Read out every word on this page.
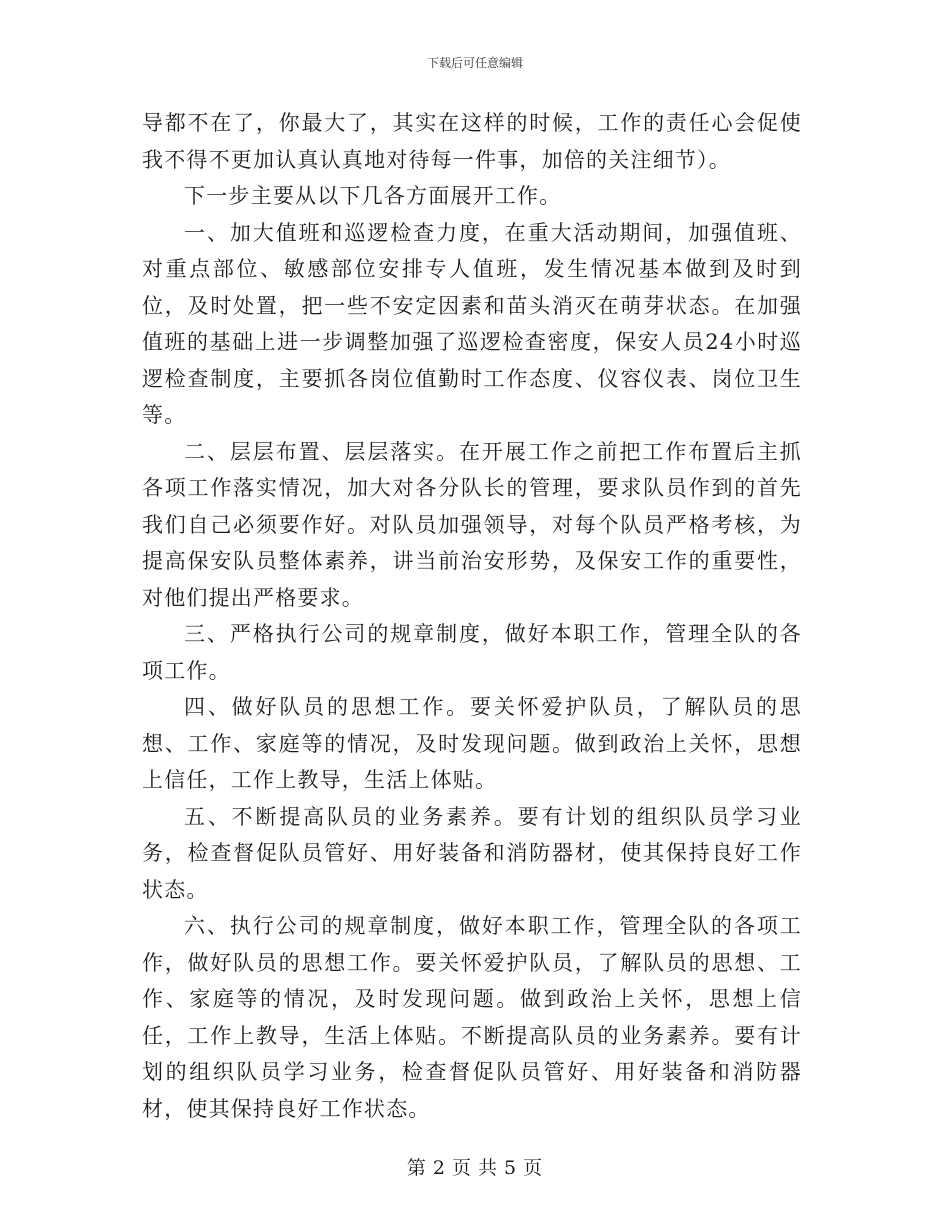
下载后可任意编辑

导都不在了，你最大了，其实在这样的时候，工作的责任心会促使我不得不更加认真认真地对待每一件事，加倍的关注细节）。

下一步主要从以下几各方面展开工作。

一、加大值班和巡逻检查力度，在重大活动期间，加强值班、对重点部位、敏感部位安排专人值班，发生情况基本做到及时到位，及时处置，把一些不安定因素和苗头消灭在萌芽状态。在加强值班的基础上进一步调整加强了巡逻检查密度，保安人员24小时巡逻检查制度，主要抓各岗位值勤时工作态度、仪容仪表、岗位卫生等。

二、层层布置、层层落实。在开展工作之前把工作布置后主抓各项工作落实情况，加大对各分队长的管理，要求队员作到的首先我们自己必须要作好。对队员加强领导，对每个队员严格考核，为提高保安队员整体素养，讲当前治安形势，及保安工作的重要性，对他们提出严格要求。

三、严格执行公司的规章制度，做好本职工作，管理全队的各项工作。

四、做好队员的思想工作。要关怀爱护队员，了解队员的思想、工作、家庭等的情况，及时发现问题。做到政治上关怀，思想上信任，工作上教导，生活上体贴。

五、不断提高队员的业务素养。要有计划的组织队员学习业务，检查督促队员管好、用好装备和消防器材，使其保持良好工作状态。

六、执行公司的规章制度，做好本职工作，管理全队的各项工作，做好队员的思想工作。要关怀爱护队员，了解队员的思想、工作、家庭等的情况，及时发现问题。做到政治上关怀，思想上信任，工作上教导，生活上体贴。不断提高队员的业务素养。要有计划的组织队员学习业务，检查督促队员管好、用好装备和消防器材，使其保持良好工作状态。

第 2 页 共 5 页
